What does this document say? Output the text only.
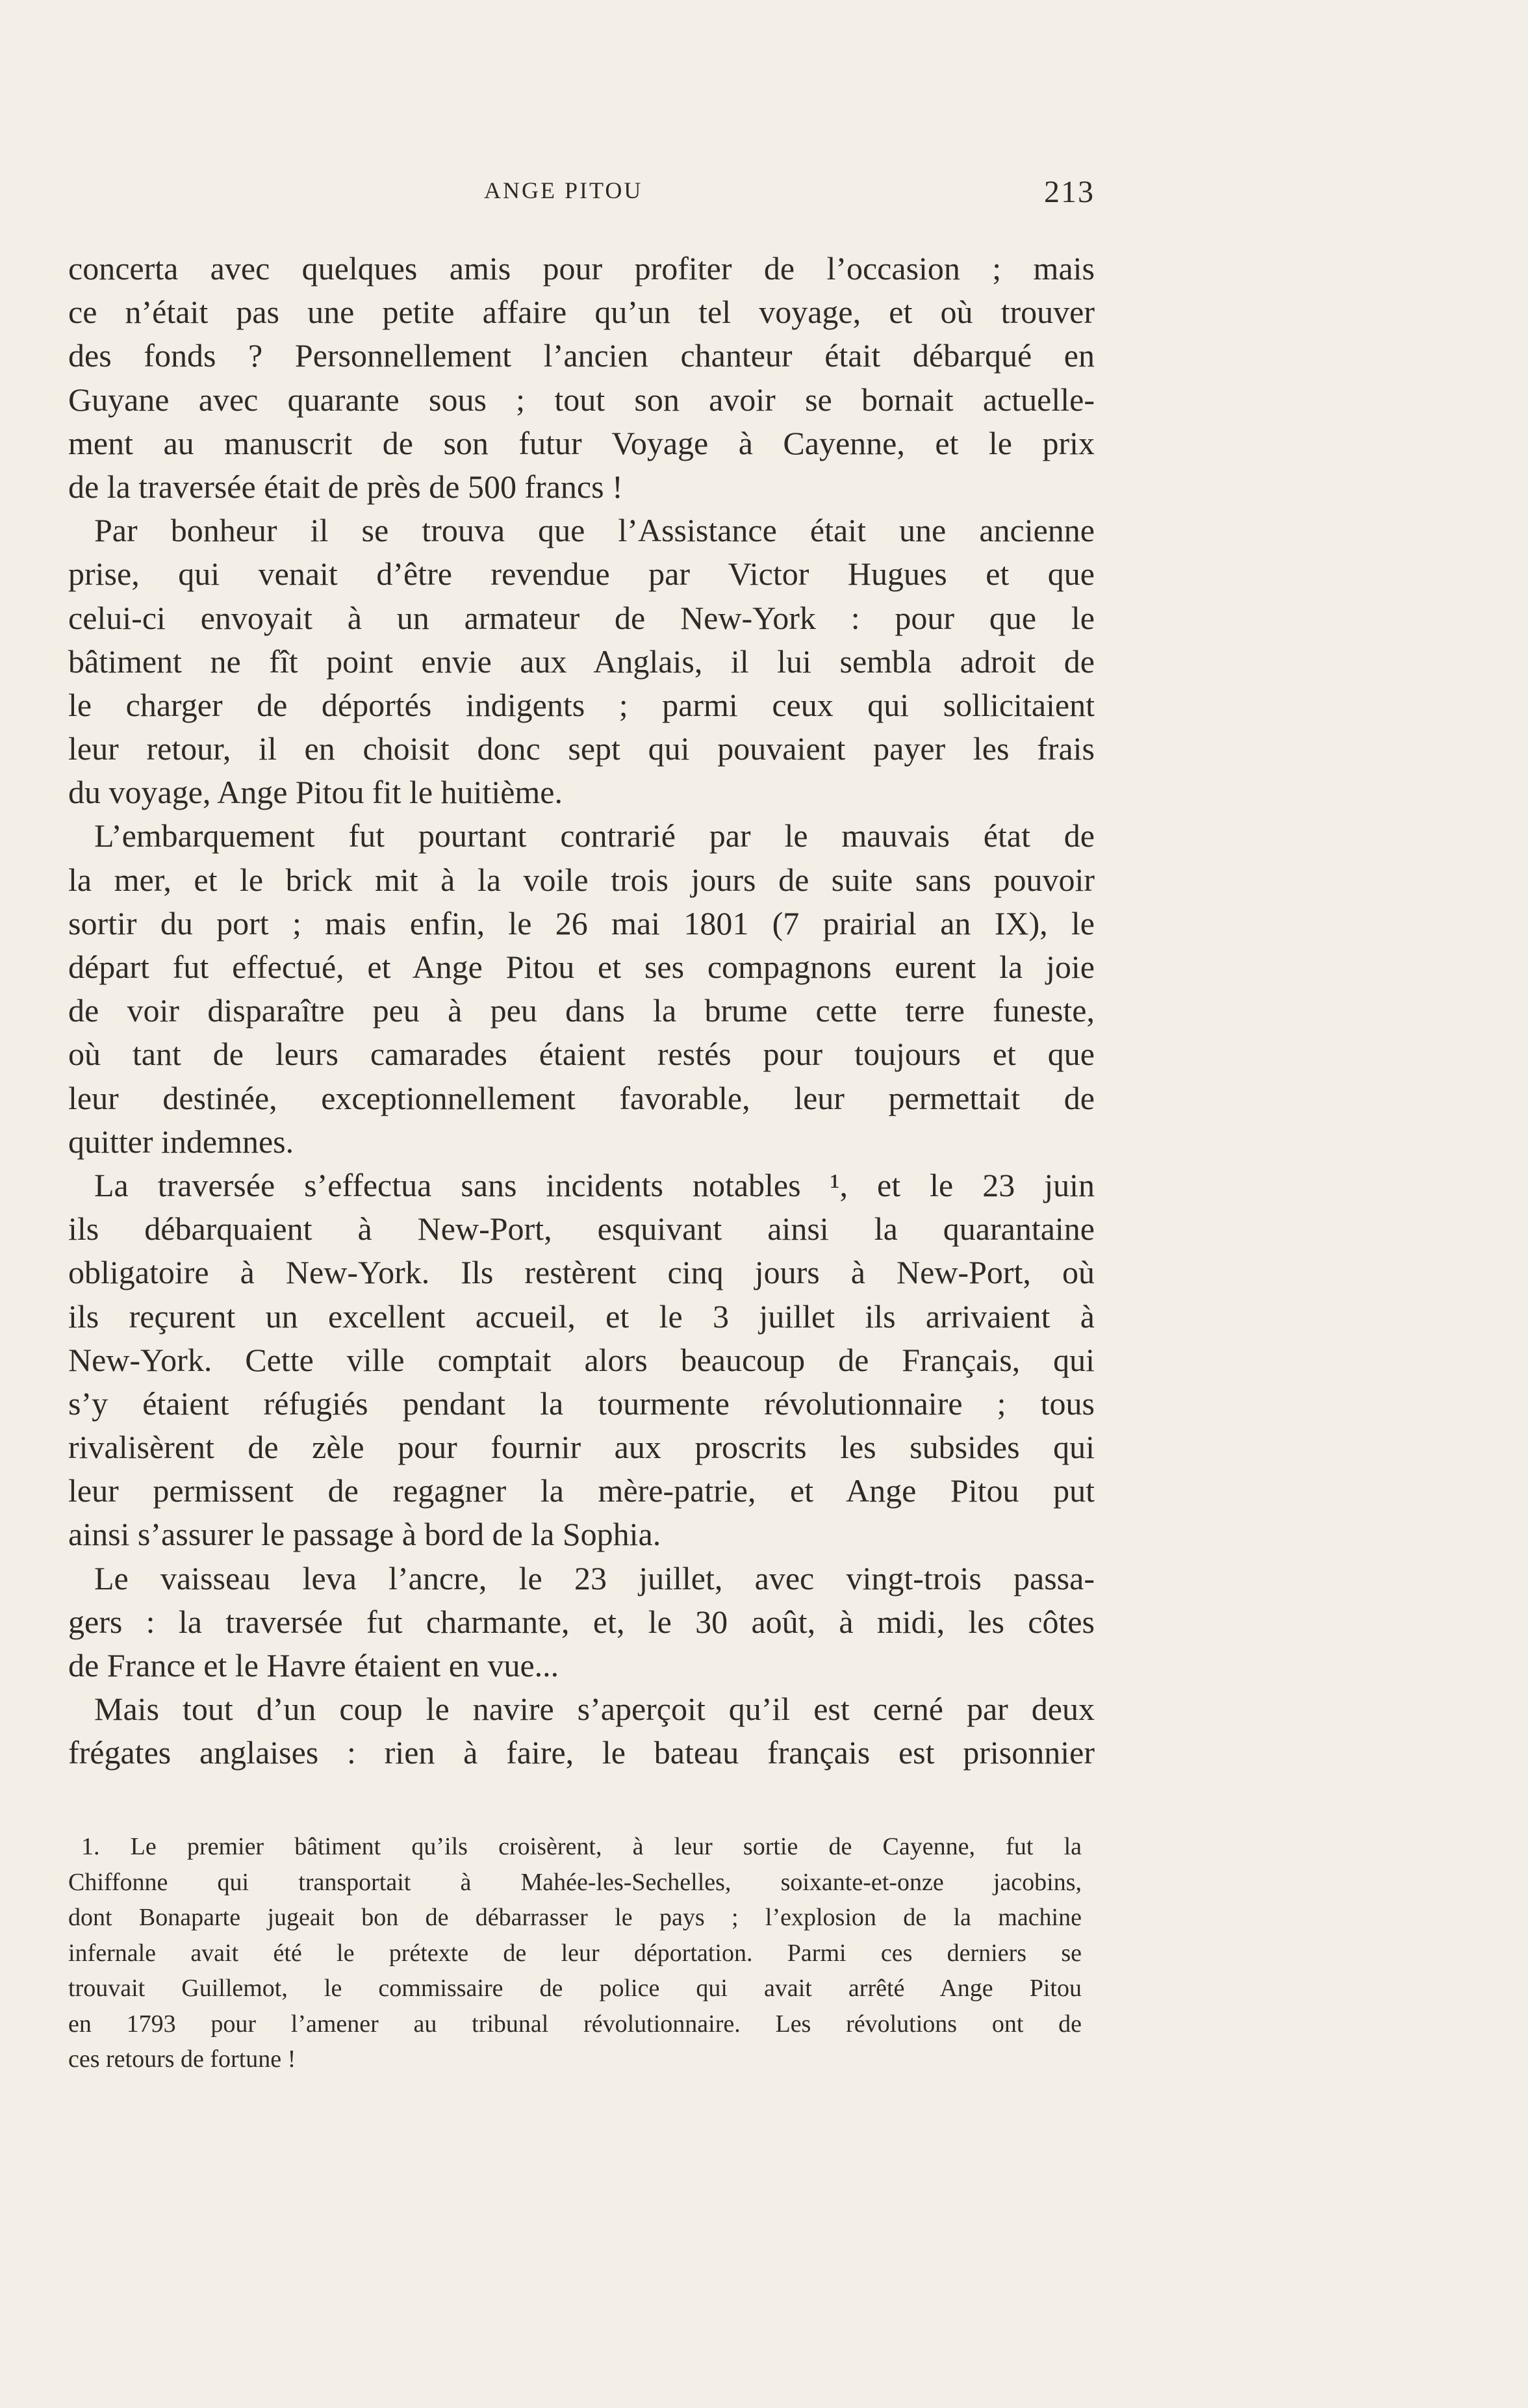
ANGE PITOU	213
concerta avec quelques amis pour profiter de l’occasion ; mais
ce n’était pas une petite affaire qu’un tel voyage, et où trouver
des fonds ? Personnellement l’ancien chanteur était débarqué en
Guyane avec quarante sous ; tout son avoir se bornait actuelle-
ment au manuscrit de son futur Voyage à Cayenne, et le prix
de la traversée était de près de 500 francs !
Par bonheur il se trouva que l’Assistance était une ancienne
prise, qui venait d’être revendue par Victor Hugues et que
celui-ci envoyait à un armateur de New-York : pour que le
bâtiment ne fît point envie aux Anglais, il lui sembla adroit de
le charger de déportés indigents ; parmi ceux qui sollicitaient
leur retour, il en choisit donc sept qui pouvaient payer les frais
du voyage, Ange Pitou fit le huitième.
L’embarquement fut pourtant contrarié par le mauvais état de
la mer, et le brick mit à la voile trois jours de suite sans pouvoir
sortir du port ; mais enfin, le 26 mai 1801 (7 prairial an IX), le
départ fut effectué, et Ange Pitou et ses compagnons eurent la joie
de voir disparaître peu à peu dans la brume cette terre funeste,
où tant de leurs camarades étaient restés pour toujours et que
leur destinée, exceptionnellement favorable, leur permettait de
quitter indemnes.
La traversée s’effectua sans incidents notables ¹, et le 23 juin
ils débarquaient à New-Port, esquivant ainsi la quarantaine
obligatoire à New-York. Ils restèrent cinq jours à New-Port, où
ils reçurent un excellent accueil, et le 3 juillet ils arrivaient à
New-York. Cette ville comptait alors beaucoup de Français, qui
s’y étaient réfugiés pendant la tourmente révolutionnaire ; tous
rivalisèrent de zèle pour fournir aux proscrits les subsides qui
leur permissent de regagner la mère-patrie, et Ange Pitou put
ainsi s’assurer le passage à bord de la Sophia.
Le vaisseau leva l’ancre, le 23 juillet, avec vingt-trois passa-
gers : la traversée fut charmante, et, le 30 août, à midi, les côtes
de France et le Havre étaient en vue...
Mais tout d’un coup le navire s’aperçoit qu’il est cerné par deux
frégates anglaises : rien à faire, le bateau français est prisonnier
1. Le premier bâtiment qu’ils croisèrent, à leur sortie de Cayenne, fut la
Chiffonne qui transportait à Mahée-les-Sechelles, soixante-et-onze jacobins,
dont Bonaparte jugeait bon de débarrasser le pays ; l’explosion de la machine
infernale avait été le prétexte de leur déportation. Parmi ces derniers se
trouvait Guillemot, le commissaire de police qui avait arrêté Ange Pitou
en 1793 pour l’amener au tribunal révolutionnaire. Les révolutions ont de
ces retours de fortune !
